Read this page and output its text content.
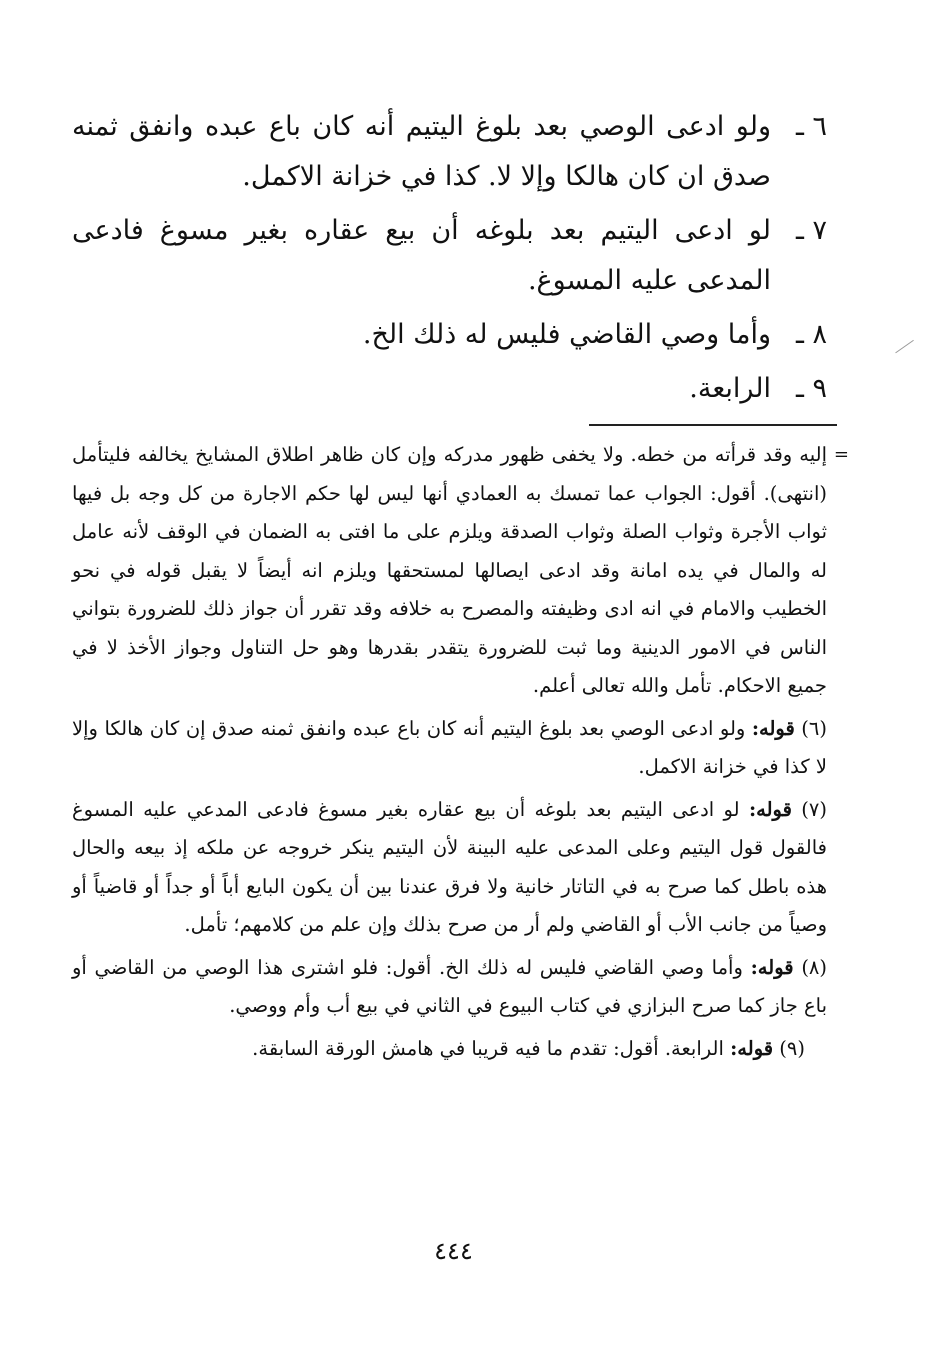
٦ ـ
ولو ادعى الوصي بعد بلوغ اليتيم أنه كان باع عبده وانفق ثمنه صدق ان كان هالكا وإلا لا. كذا في خزانة الاكمل.
٧ ـ
لو ادعى اليتيم بعد بلوغه أن بيع عقاره بغير مسوغ فادعى المدعى عليه المسوغ.
٨ ـ
وأما وصي القاضي فليس له ذلك الخ.
٩ ـ
الرابعة.
=
إليه وقد قرأته من خطه. ولا يخفى ظهور مدركه وإن كان ظاهر اطلاق المشايخ يخالفه فليتأمل (انتهى). أقول: الجواب عما تمسك به العمادي أنها ليس لها حكم الاجارة من كل وجه بل فيها ثواب الأجرة وثواب الصلة وثواب الصدقة ويلزم على ما افتى به الضمان في الوقف لأنه عامل له والمال في يده امانة وقد ادعى ايصالها لمستحقها ويلزم انه أيضاً لا يقبل قوله في نحو الخطيب والامام في انه ادى وظيفته والمصرح به خلافه وقد تقرر أن جواز ذلك للضرورة بتواني الناس في الامور الدينية وما ثبت للضرورة يتقدر بقدرها وهو حل التناول وجواز الأخذ لا في جميع الاحكام. تأمل والله تعالى أعلم.
(٦) قوله: ولو ادعى الوصي بعد بلوغ اليتيم أنه كان باع عبده وانفق ثمنه صدق إن كان هالكا وإلا لا كذا في خزانة الاكمل.
(٧) قوله: لو ادعى اليتيم بعد بلوغه أن بيع عقاره بغير مسوغ فادعى المدعي عليه المسوغ فالقول قول اليتيم وعلى المدعى عليه البينة لأن اليتيم ينكر خروجه عن ملكه إذ بيعه والحال هذه باطل كما صرح به في التاتار خانية ولا فرق عندنا بين أن يكون البايع أباً أو جداً أو قاضياً أو وصياً من جانب الأب أو القاضي ولم أر من صرح بذلك وإن علم من كلامهم؛ تأمل.
(٨) قوله: وأما وصي القاضي فليس له ذلك الخ. أقول: فلو اشترى هذا الوصي من القاضي أو باع جاز كما صرح البزازي في كتاب البيوع في الثاني في بيع أب وأم ووصي.
(٩) قوله: الرابعة. أقول: تقدم ما فيه قريبا في هامش الورقة السابقة.
٤٤٤
